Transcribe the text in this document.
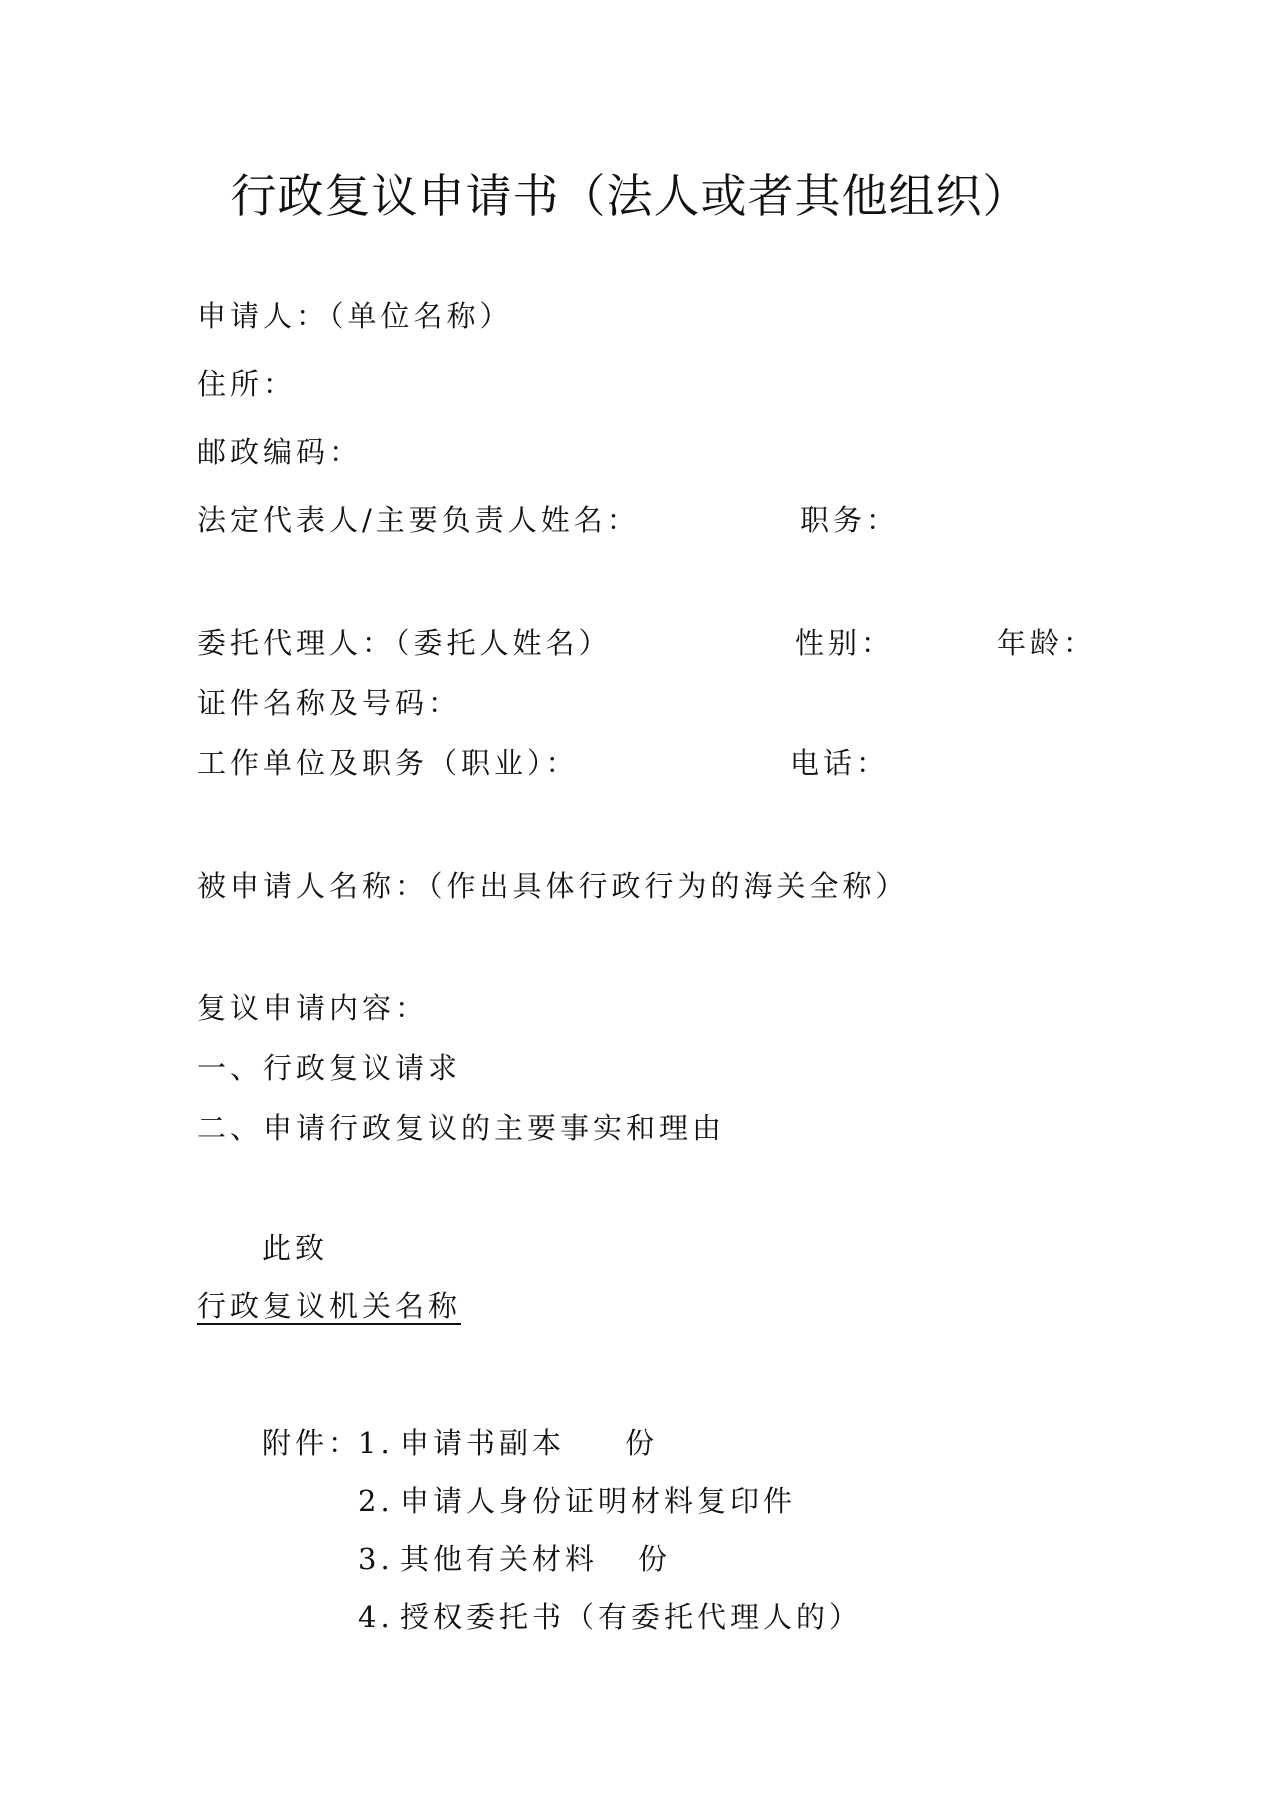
行政复议申请书（法人或者其他组织）
申请人：（单位名称）
住所：
邮政编码：
法定代表人/主要负责人姓名：	职务：
委托代理人：（委托人姓名）	性别：	年龄：
证件名称及号码：
工作单位及职务（职业）：	电话：
被申请人名称：（作出具体行政行为的海关全称）
复议申请内容：
一、行政复议请求
二、申请行政复议的主要事实和理由
此致
行政复议机关名称
附件：
1. 申请书副本 份
2. 申请人身份证明材料复印件
3. 其他有关材料 份
4. 授权委托书（有委托代理人的）
